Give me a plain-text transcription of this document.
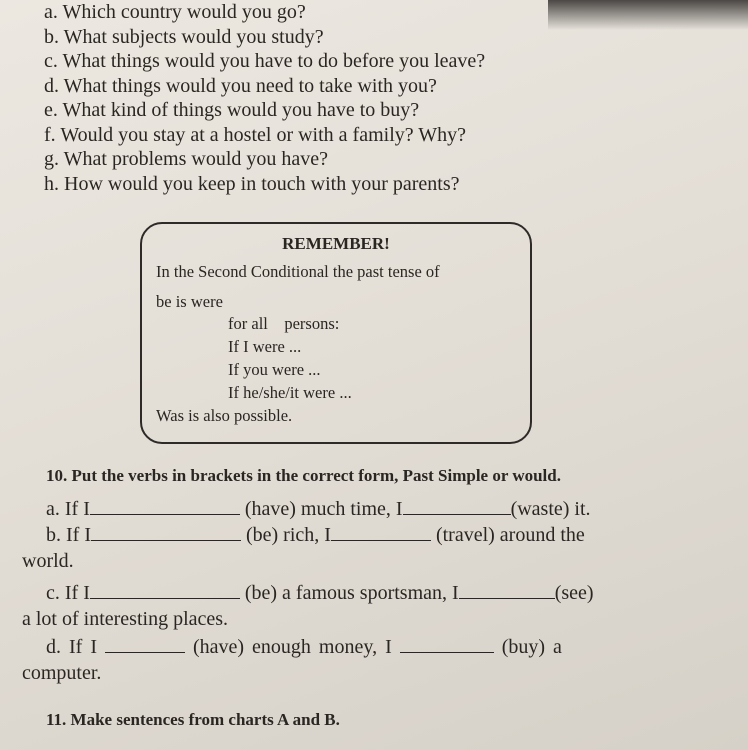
a. Which country would you go?
b. What subjects would you study?
c. What things would you have to do before you leave?
d. What things would you need to take with you?
e. What kind of things would you have to buy?
f. Would you stay at a hostel or with a family? Why?
g. What problems would you have?
h. How would you keep in touch with your parents?
REMEMBER!
In the Second Conditional the past tense of
be is were
for all    persons:
If I were ...
If you were ...
If he/she/it were ...
Was is also possible.
10. Put the verbs in brackets in the correct form, Past Simple or would.
a. If I	(have) much time, I	(waste) it.
b. If I	(be) rich, I	(travel) around the
world.
c. If I	(be) a famous sportsman, I	(see)
a lot of interesting places.
d. If I	(have) enough money, I	(buy) a
computer.
11. Make sentences from charts A and B.
